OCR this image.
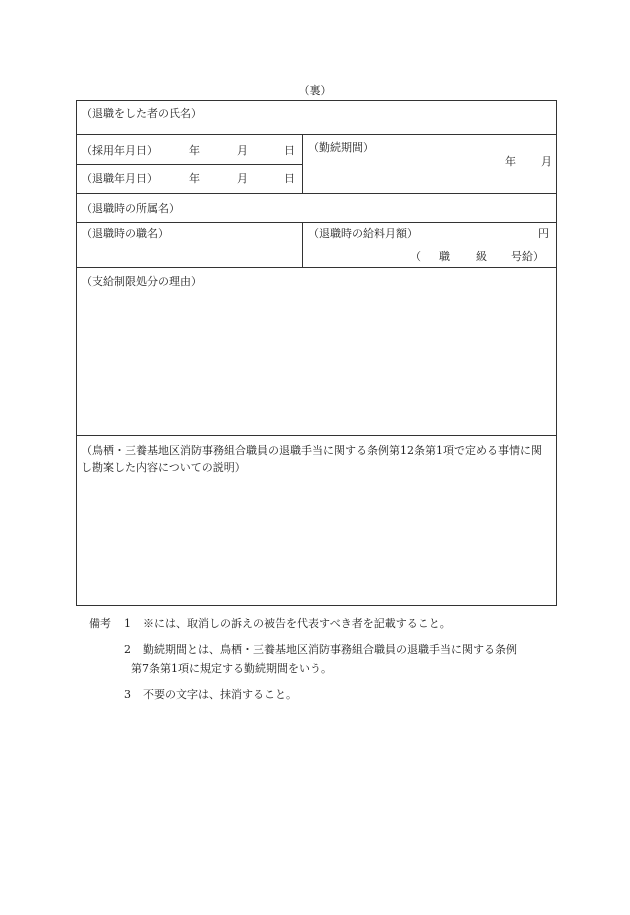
（裏）
（退職をした者の氏名）
（採用年月日）	年	月	日
（退職年月日）	年	月	日
（勤続期間）
年 月
（退職時の所属名）
（退職時の職名）	（退職時の給料月額）	円
（ 職 級 号給）
（支給制限処分の理由）
（鳥栖・三養基地区消防事務組合職員の退職手当に関する条例第12条第1項で定める事情に関し勘案した内容についての説明）
備考 1 ※には、取消しの訴えの被告を代表すべき者を記載すること。
2 勤続期間とは、鳥栖・三養基地区消防事務組合職員の退職手当に関する条例
第7条第1項に規定する勤続期間をいう。
3 不要の文字は、抹消すること。
